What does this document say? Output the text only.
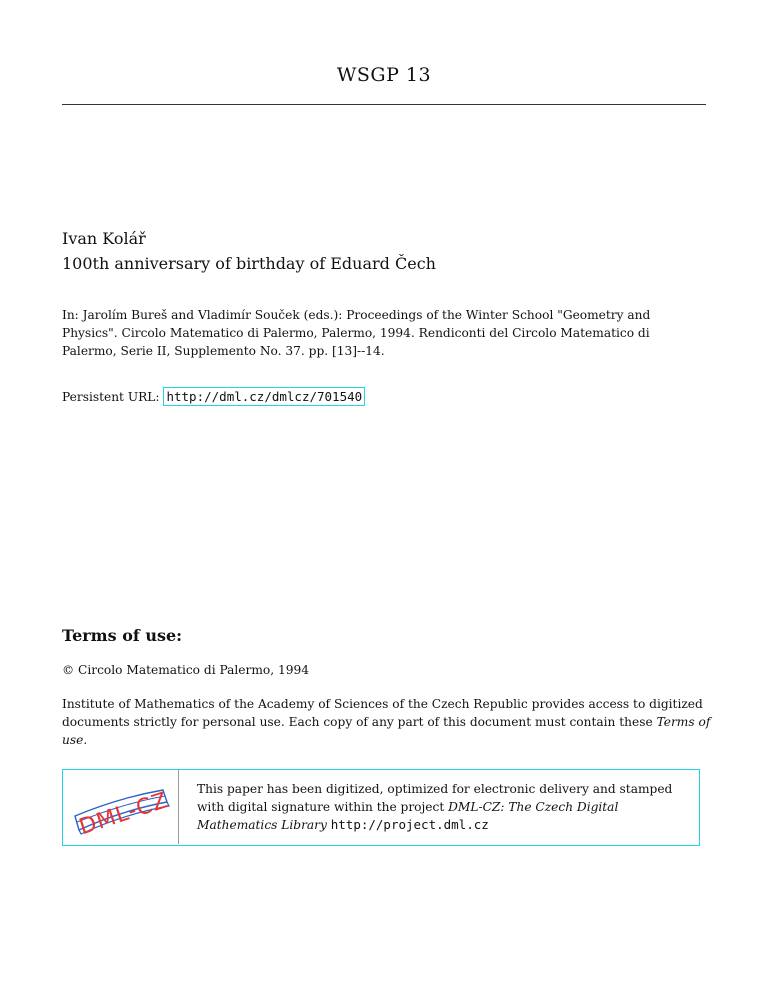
WSGP 13
Ivan Kolář
100th anniversary of birthday of Eduard Čech
In: Jarolím Bureš and Vladimír Souček (eds.): Proceedings of the Winter School "Geometry and Physics". Circolo Matematico di Palermo, Palermo, 1994. Rendiconti del Circolo Matematico di Palermo, Serie II, Supplemento No. 37. pp. [13]--14.
Persistent URL: http://dml.cz/dmlcz/701540
Terms of use:
© Circolo Matematico di Palermo, 1994
Institute of Mathematics of the Academy of Sciences of the Czech Republic provides access to digitized documents strictly for personal use. Each copy of any part of this document must contain these Terms of use.
DML-CZ This paper has been digitized, optimized for electronic delivery and stamped with digital signature within the project DML-CZ: The Czech Digital Mathematics Library http://project.dml.cz
